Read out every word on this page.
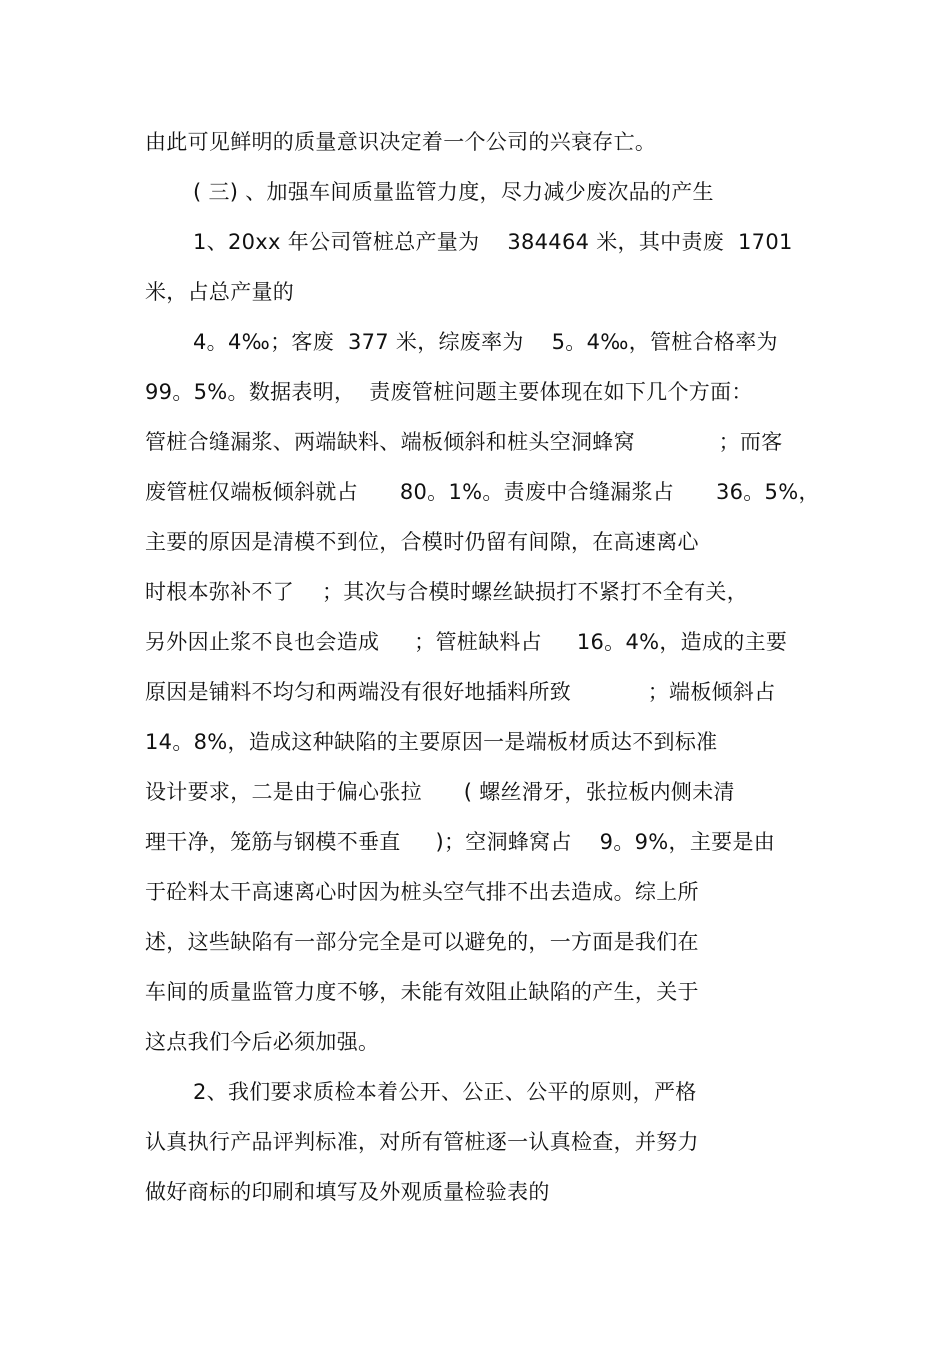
由此可见鲜明的质量意识决定着一个公司的兴衰存亡。
( 三) 、加强车间质量监管力度，尽力减少废次品的产生
1、20xx 年公司管桩总产量为    384464 米，其中责废  1701
米，占总产量的
4。4‰；客废  377 米，综废率为    5。4‰，管桩合格率为
99。5%。数据表明，  责废管桩问题主要体现在如下几个方面：
管桩合缝漏浆、两端缺料、端板倾斜和桩头空洞蜂窝            ；而客
废管桩仅端板倾斜就占      80。1%。责废中合缝漏浆占      36。5%，
主要的原因是清模不到位，合模时仍留有间隙，在高速离心
时根本弥补不了    ；其次与合模时螺丝缺损打不紧打不全有关，
另外因止浆不良也会造成     ；管桩缺料占     16。4%，造成的主要
原因是铺料不均匀和两端没有很好地插料所致           ；端板倾斜占
14。8%，造成这种缺陷的主要原因一是端板材质达不到标准
设计要求，二是由于偏心张拉      ( 螺丝滑牙，张拉板内侧未清
理干净，笼筋与钢模不垂直     )；空洞蜂窝占    9。9%，主要是由
于砼料太干高速离心时因为桩头空气排不出去造成。综上所
述，这些缺陷有一部分完全是可以避免的，一方面是我们在
车间的质量监管力度不够，未能有效阻止缺陷的产生，关于
这点我们今后必须加强。
2、我们要求质检本着公开、公正、公平的原则，严格
认真执行产品评判标准，对所有管桩逐一认真检查，并努力
做好商标的印刷和填写及外观质量检验表的
